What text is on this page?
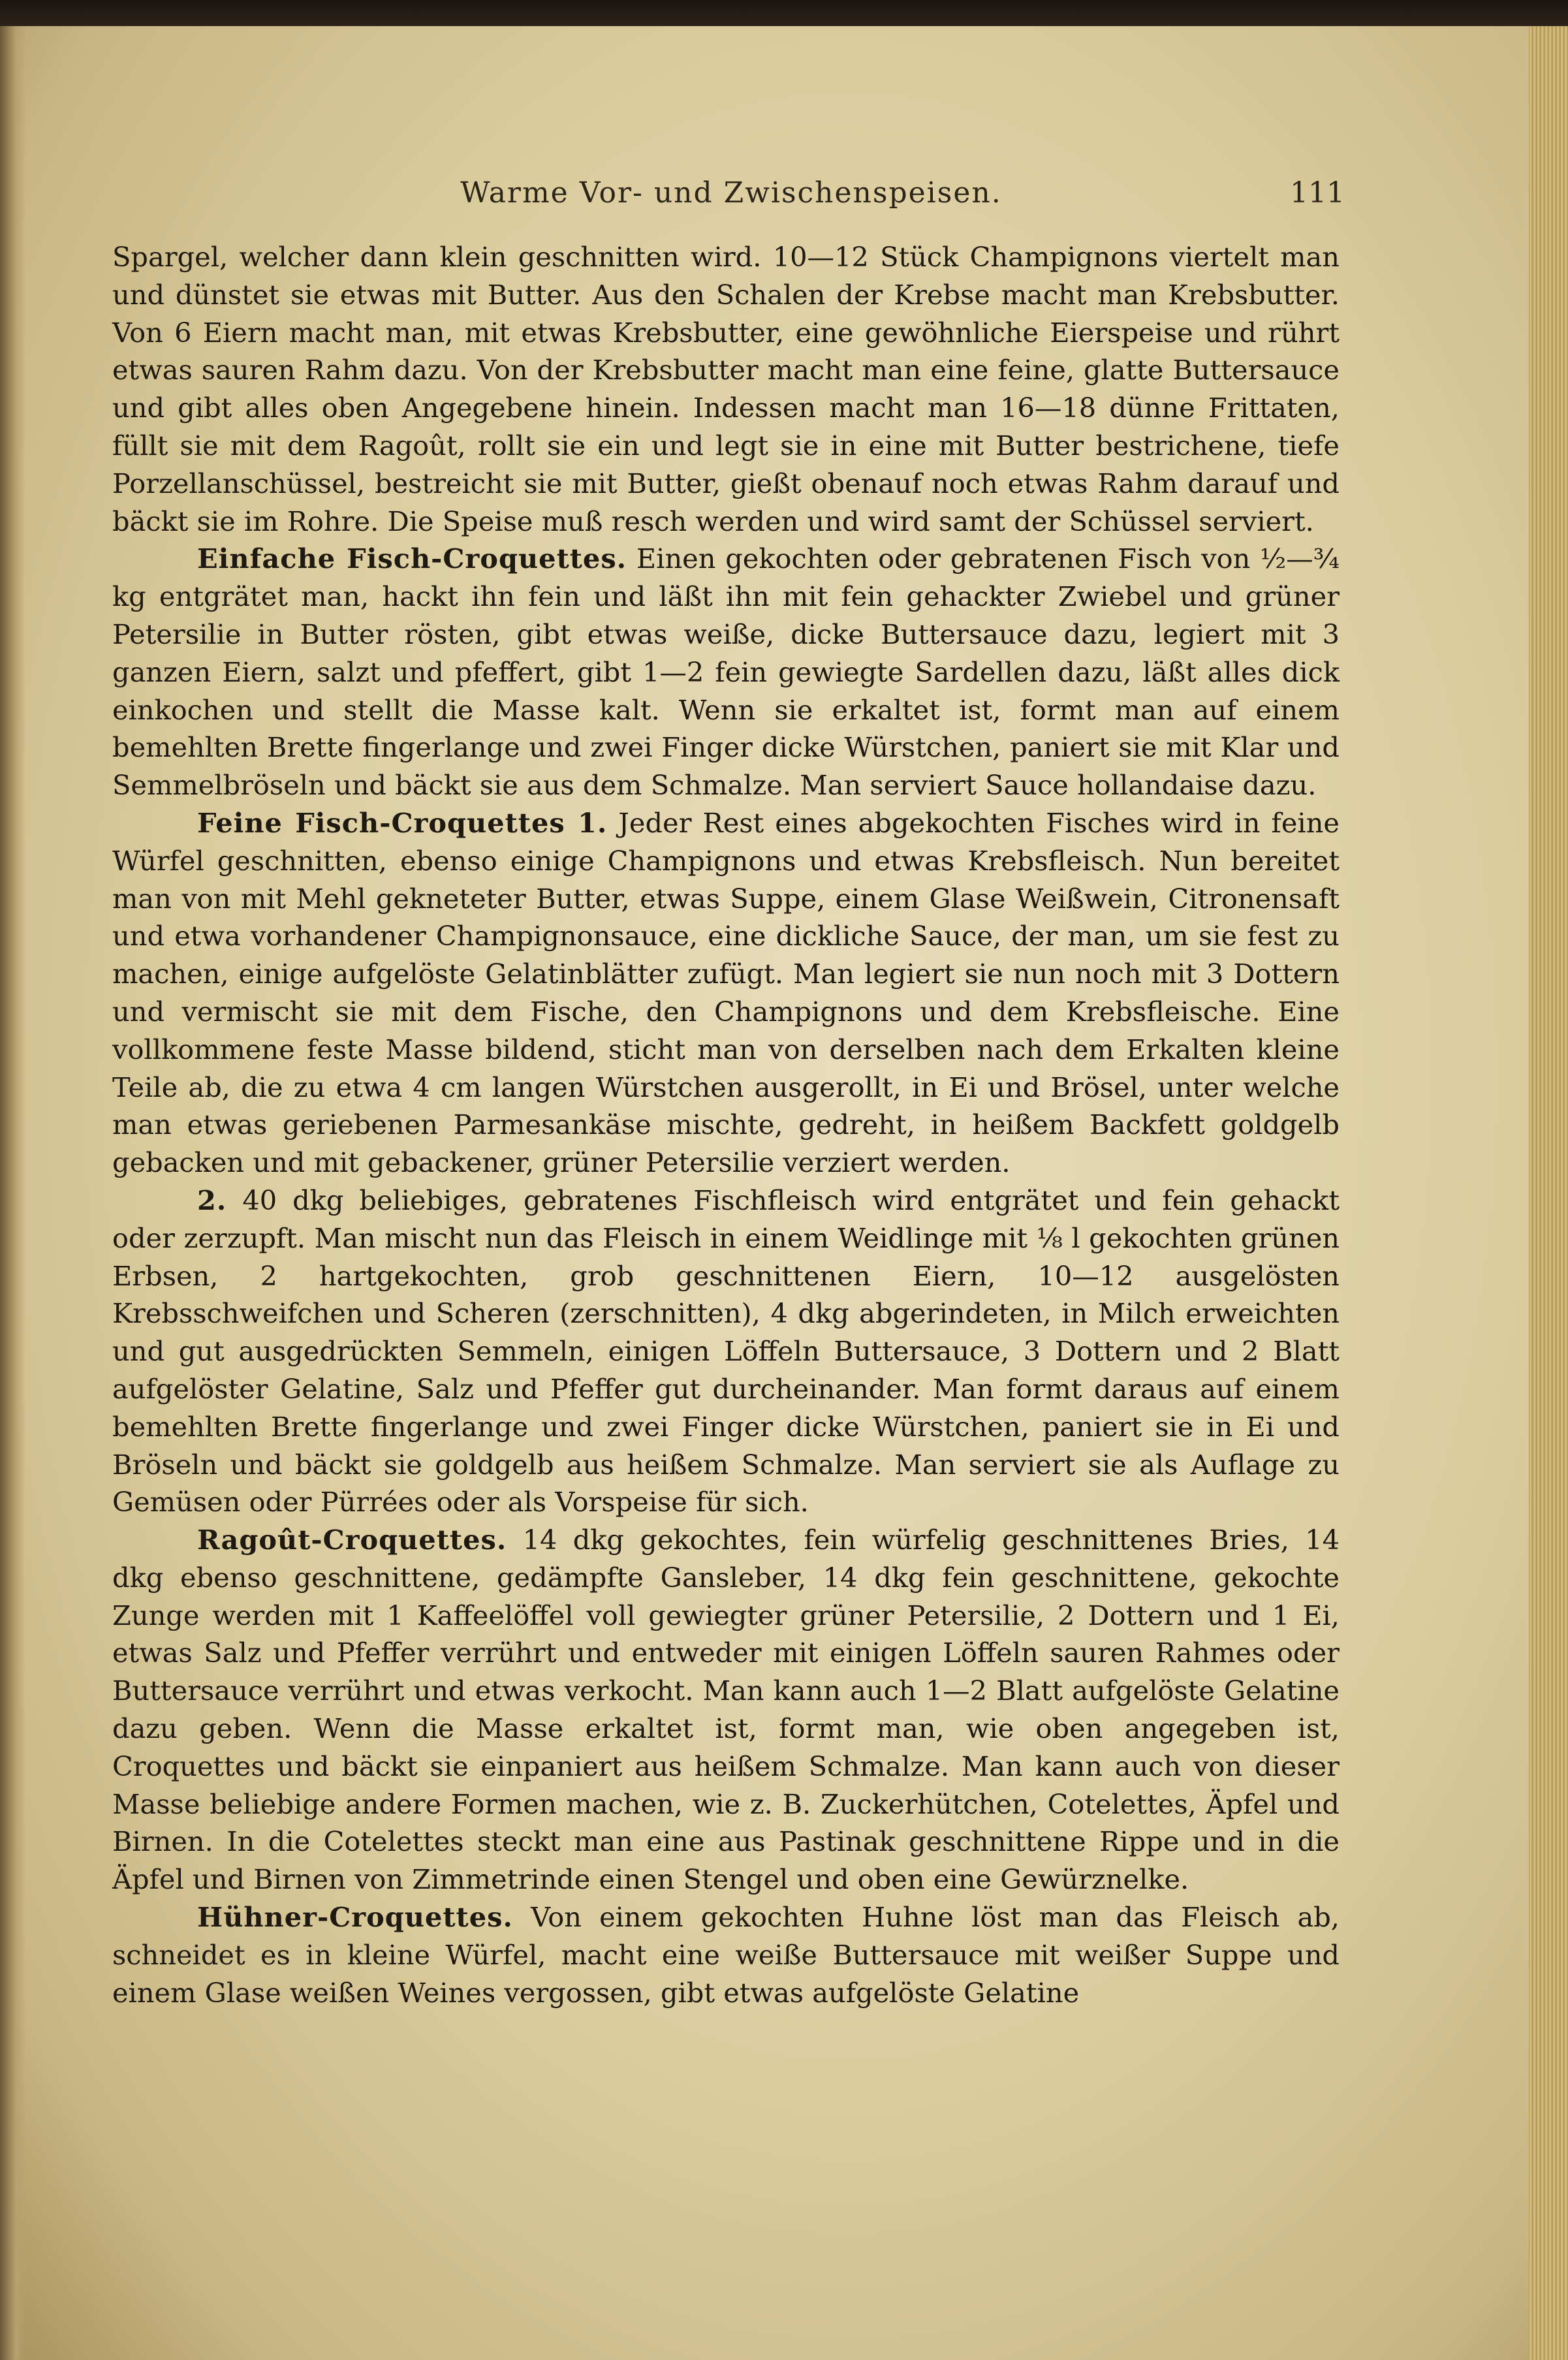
Warme Vor- und Zwischenspeisen.	111

Spargel, welcher dann klein geschnitten wird. 10—12 Stück Champignons viertelt man und dünstet sie etwas mit Butter. Aus den Schalen der Krebse macht man Krebsbutter. Von 6 Eiern macht man, mit etwas Krebsbutter, eine gewöhnliche Eierspeise und rührt etwas sauren Rahm dazu. Von der Krebsbutter macht man eine feine, glatte Buttersauce und gibt alles oben Angegebene hinein. Indessen macht man 16—18 dünne Frittaten, füllt sie mit dem Ragoût, rollt sie ein und legt sie in eine mit Butter bestrichene, tiefe Porzellanschüssel, bestreicht sie mit Butter, gießt obenauf noch etwas Rahm darauf und bäckt sie im Rohre. Die Speise muß resch werden und wird samt der Schüssel serviert.

Einfache Fisch-Croquettes. Einen gekochten oder gebratenen Fisch von ½—¾ kg entgrätet man, hackt ihn fein und läßt ihn mit fein gehackter Zwiebel und grüner Petersilie in Butter rösten, gibt etwas weiße, dicke Buttersauce dazu, legiert mit 3 ganzen Eiern, salzt und pfeffert, gibt 1—2 fein gewiegte Sardellen dazu, läßt alles dick einkochen und stellt die Masse kalt. Wenn sie erkaltet ist, formt man auf einem bemehlten Brette fingerlange und zwei Finger dicke Würstchen, paniert sie mit Klar und Semmelbröseln und bäckt sie aus dem Schmalze. Man serviert Sauce hollandaise dazu.

Feine Fisch-Croquettes 1. Jeder Rest eines abgekochten Fisches wird in feine Würfel geschnitten, ebenso einige Champignons und etwas Krebsfleisch. Nun bereitet man von mit Mehl gekneteter Butter, etwas Suppe, einem Glase Weißwein, Citronensaft und etwa vorhandener Champignonsauce, eine dickliche Sauce, der man, um sie fest zu machen, einige aufgelöste Gelatinblätter zufügt. Man legiert sie nun noch mit 3 Dottern und vermischt sie mit dem Fische, den Champignons und dem Krebsfleische. Eine vollkommene feste Masse bildend, sticht man von derselben nach dem Erkalten kleine Teile ab, die zu etwa 4 cm langen Würstchen ausgerollt, in Ei und Brösel, unter welche man etwas geriebenen Parmesankäse mischte, gedreht, in heißem Backfett goldgelb gebacken und mit gebackener, grüner Petersilie verziert werden.

2. 40 dkg beliebiges, gebratenes Fischfleisch wird entgrätet und fein gehackt oder zerzupft. Man mischt nun das Fleisch in einem Weidlinge mit ⅛ l gekochten grünen Erbsen, 2 hartgekochten, grob geschnittenen Eiern, 10—12 ausgelösten Krebsschweifchen und Scheren (zerschnitten), 4 dkg abgerindeten, in Milch erweichten und gut ausgedrückten Semmeln, einigen Löffeln Buttersauce, 3 Dottern und 2 Blatt aufgelöster Gelatine, Salz und Pfeffer gut durcheinander. Man formt daraus auf einem bemehlten Brette fingerlange und zwei Finger dicke Würstchen, paniert sie in Ei und Bröseln und bäckt sie goldgelb aus heißem Schmalze. Man serviert sie als Auflage zu Gemüsen oder Pürrées oder als Vorspeise für sich.

Ragoût-Croquettes. 14 dkg gekochtes, fein würfelig geschnittenes Bries, 14 dkg ebenso geschnittene, gedämpfte Gansleber, 14 dkg fein geschnittene, gekochte Zunge werden mit 1 Kaffeelöffel voll gewiegter grüner Petersilie, 2 Dottern und 1 Ei, etwas Salz und Pfeffer verrührt und entweder mit einigen Löffeln sauren Rahmes oder Buttersauce verrührt und etwas verkocht. Man kann auch 1—2 Blatt aufgelöste Gelatine dazu geben. Wenn die Masse erkaltet ist, formt man, wie oben angegeben ist, Croquettes und bäckt sie einpaniert aus heißem Schmalze. Man kann auch von dieser Masse beliebige andere Formen machen, wie z. B. Zuckerhütchen, Cotelettes, Äpfel und Birnen. In die Cotelettes steckt man eine aus Pastinak geschnittene Rippe und in die Äpfel und Birnen von Zimmetrinde einen Stengel und oben eine Gewürznelke.

Hühner-Croquettes. Von einem gekochten Huhne löst man das Fleisch ab, schneidet es in kleine Würfel, macht eine weiße Buttersauce mit weißer Suppe und einem Glase weißen Weines vergossen, gibt etwas aufgelöste Gelatine
